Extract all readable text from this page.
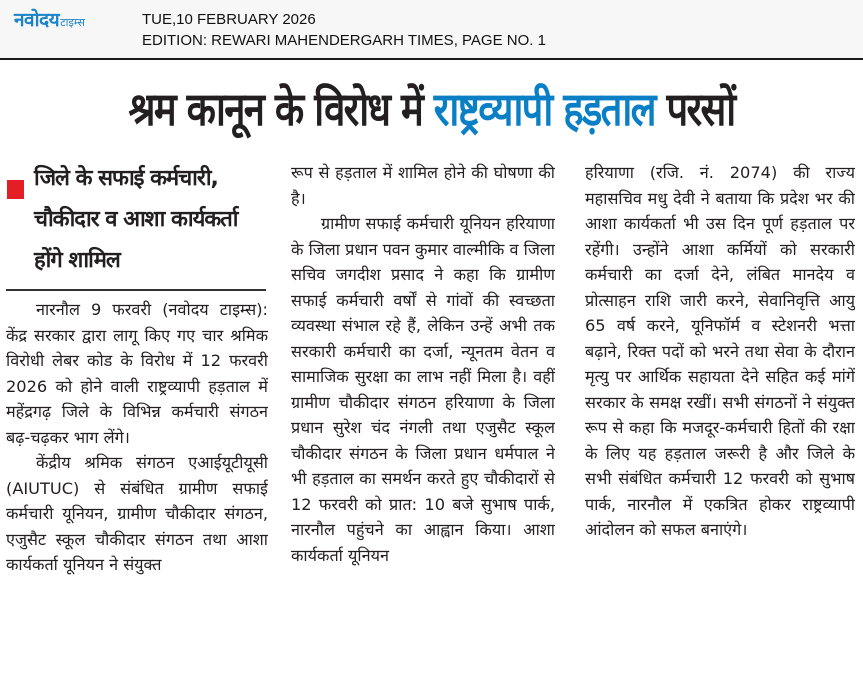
नवोदय टाइम्स	TUE,10 FEBRUARY 2026
EDITION: REWARI MAHENDERGARH TIMES, PAGE NO. 1
श्रम कानून के विरोध में राष्ट्रव्यापी हड़ताल परसों
जिले के सफाई कर्मचारी, चौकीदार व आशा कार्यकर्ता होंगे शामिल

नारनौल 9 फरवरी (नवोदय टाइम्स): केंद्र सरकार द्वारा लागू किए गए चार श्रमिक विरोधी लेबर कोड के विरोध में 12 फरवरी 2026 को होने वाली राष्ट्रव्यापी हड़ताल में महेंद्रगढ़ जिले के विभिन्न कर्मचारी संगठन बढ़-चढ़कर भाग लेंगे।

केंद्रीय श्रमिक संगठन एआईयूटीयूसी (AIUTUC) से संबंधित ग्रामीण सफाई कर्मचारी यूनियन, ग्रामीण चौकीदार संगठन, एजुसैट स्कूल चौकीदार संगठन तथा आशा कार्यकर्ता यूनियन ने संयुक्त

रूप से हड़ताल में शामिल होने की घोषणा की है।

ग्रामीण सफाई कर्मचारी यूनियन हरियाणा के जिला प्रधान पवन कुमार वाल्मीकि व जिला सचिव जगदीश प्रसाद ने कहा कि ग्रामीण सफाई कर्मचारी वर्षों से गांवों की स्वच्छता व्यवस्था संभाल रहे हैं, लेकिन उन्हें अभी तक सरकारी कर्मचारी का दर्जा, न्यूनतम वेतन व सामाजिक सुरक्षा का लाभ नहीं मिला है। वहीं ग्रामीण चौकीदार संगठन हरियाणा के जिला प्रधान सुरेश चंद नंगली तथा एजुसैट स्कूल चौकीदार संगठन के जिला प्रधान धर्मपाल ने भी हड़ताल का समर्थन करते हुए चौकीदारों से 12 फरवरी को प्रात: 10 बजे सुभाष पार्क, नारनौल पहुंचने का आह्वान किया। आशा कार्यकर्ता यूनियन

हरियाणा (रजि. नं. 2074) की राज्य महासचिव मधु देवी ने बताया कि प्रदेश भर की आशा कार्यकर्ता भी उस दिन पूर्ण हड़ताल पर रहेंगी। उन्होंने आशा कर्मियों को सरकारी कर्मचारी का दर्जा देने, लंबित मानदेय व प्रोत्साहन राशि जारी करने, सेवानिवृत्ति आयु 65 वर्ष करने, यूनिफॉर्म व स्टेशनरी भत्ता बढ़ाने, रिक्त पदों को भरने तथा सेवा के दौरान मृत्यु पर आर्थिक सहायता देने सहित कई मांगें सरकार के समक्ष रखीं। सभी संगठनों ने संयुक्त रूप से कहा कि मजदूर-कर्मचारी हितों की रक्षा के लिए यह हड़ताल जरूरी है और जिले के सभी संबंधित कर्मचारी 12 फरवरी को सुभाष पार्क, नारनौल में एकत्रित होकर राष्ट्रव्यापी आंदोलन को सफल बनाएंगे।
